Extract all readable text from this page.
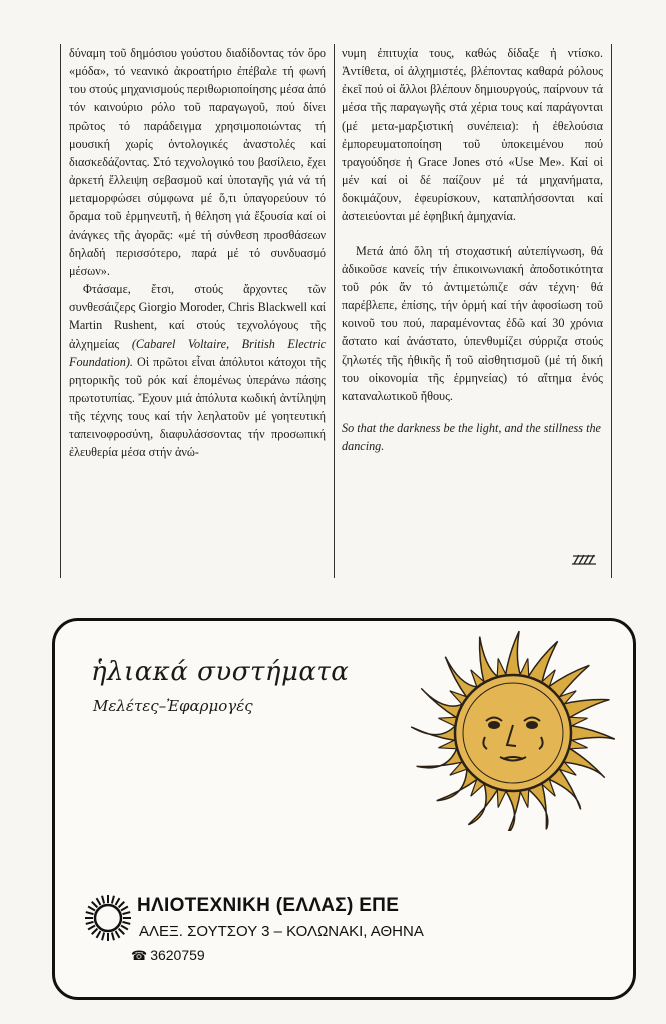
δύναμη τοῦ δημόσιου γούστου διαδίδοντας τόν ὅρο «μόδα», τό νεανικό ἀκροατήριο ἐπέβαλε τή φωνή του στούς μηχανισμούς περιθωριοποίησης μέσα ἀπό τόν καινούριο ρόλο τοῦ παραγωγοῦ, πού δίνει πρῶτος τό παράδειγμα χρησιμοποιώντας τή μουσική χωρίς ὀντολογικές ἀναστολές καί διασκεδάζοντας. Στό τεχνολογικό του βασίλειο, ἔχει ἀρκετή ἔλλειψη σεβασμοῦ καί ὑποταγῆς γιά νά τή μεταμορφώσει σύμφωνα μέ ὅ,τι ὑπαγορεύουν τό ὅραμα τοῦ ἑρμηνευτῆ, ἡ θέληση γιά ἔξουσία καί οἱ ἀνάγκες τῆς ἀγορᾶς: «μέ τή σύνθεση προσθάσεων δηλαδή περισσότερο, παρά μέ τό συνδυασμό μέσων».

Φτάσαμε, ἔτσι, στούς ἄρχοντες τῶν συνθεσάιζερς Giorgio Moroder, Chris Blackwell καί Martin Rushent, καί στούς τεχνολόγους τῆς ἀλχημείας (Cabarel Voltaire, British Electric Foundation). Οἱ πρῶτοι εἶναι ἀπόλυτοι κάτοχοι τῆς ρητορικῆς τοῦ ρόκ καί ἑπομένως ὑπεράνω πάσης πρωτοτυπίας. Ἔχουν μιά ἀπόλυτα κωδική ἀντίληψη τῆς τέχνης τους καί τήν λεηλατοῦν μέ γοητευτική ταπεινοφροσύνη, διαφυλάσσοντας τήν προσωπική ἐλευθερία μέσα στήν ἀνώ-

νυμη ἐπιτυχία τους, καθώς δίδαξε ἡ ντίσκο. Ἀντίθετα, οἱ ἀλχημιστές, βλέποντας καθαρά ρόλους ἐκεῖ πού οἱ ἄλλοι βλέπουν δημιουργούς, παίρνουν τά μέσα τῆς παραγωγῆς στά χέρια τους καί παράγονται (μέ μετα-μαρξιστική συνέπεια): ἡ ἐθελούσια ἐμπορευματοποίηση τοῦ ὑποκειμένου πού τραγούδησε ἡ Grace Jones στό «Use Me». Καί οἱ μέν καί οἱ δέ παίζουν μέ τά μηχανήματα, δοκιμάζουν, ἐφευρίσκουν, καταπλήσσονται καί ἀστειεύονται μέ ἐφηβική ἀμηχανία.

Μετά ἀπό ὅλη τή στοχαστική αὐτεπίγνωση, θά ἀδικοῦσε κανείς τήν ἐπικοινωνιακή ἀποδοτικότητα τοῦ ρόκ ἄν τό ἀντιμετώπιζε σάν τέχνη· θά παρέβλεπε, ἐπίσης, τήν ὁρμή καί τήν ἀφοσίωση τοῦ κοινοῦ του πού, παραμένοντας ἐδῶ καί 30 χρόνια ἄστατο καί ἀνάστατο, ὑπενθυμίζει σύρριζα στούς ζηλωτές τῆς ἠθικῆς ἤ τοῦ αἰσθητισμοῦ (μέ τή δική του οἰκονομία τῆς ἑρμηνείας) τό αἴτημα ἑνός καταναλωτικοῦ ἤθους.

So that the darkness be the light, and the stillness the dancing.

ἡλιακά συστήματα
Μελέτες–Ἐφαρμογές
ΗΛΙΟΤΕΧΝΙΚΗ (ΕΛΛΑΣ) ΕΠΕ
ΑΛΕΞ. ΣΟΥΤΣΟΥ 3 – ΚΟΛΩΝΑΚΙ, ΑΘΗΝΑ
☎ 3620759
